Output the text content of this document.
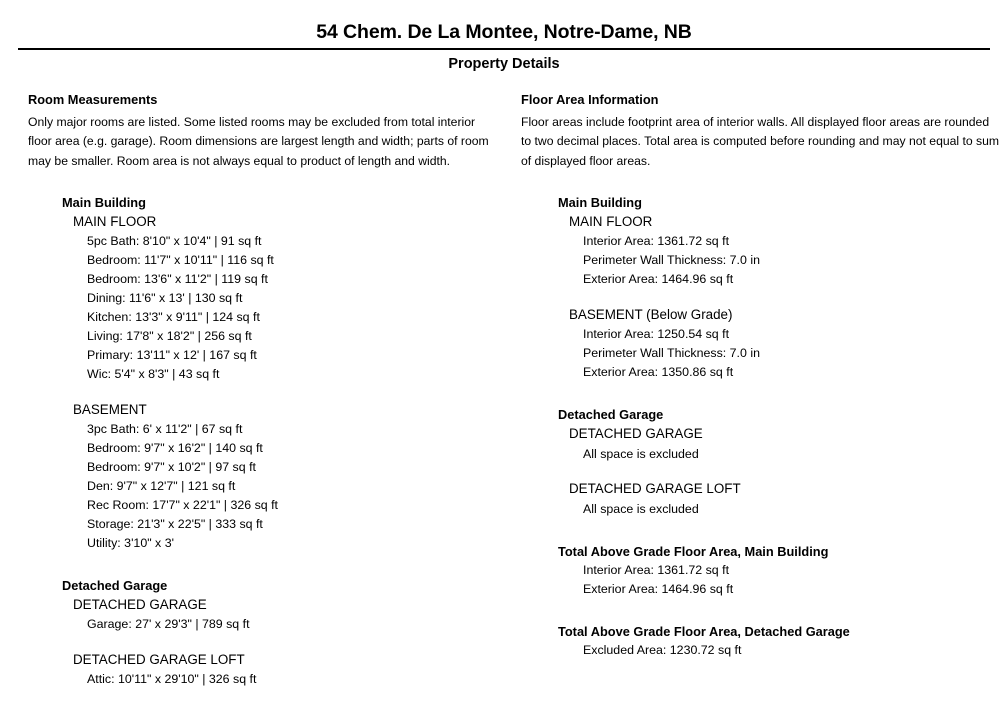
54 Chem. De La Montee, Notre-Dame, NB
Property Details
Room Measurements
Only major rooms are listed. Some listed rooms may be excluded from total interior floor area (e.g. garage). Room dimensions are largest length and width; parts of room may be smaller. Room area is not always equal to product of length and width.
Floor Area Information
Floor areas include footprint area of interior walls. All displayed floor areas are rounded to two decimal places. Total area is computed before rounding and may not equal to sum of displayed floor areas.
Main Building
MAIN FLOOR
5pc Bath: 8'10" x 10'4" | 91 sq ft
Bedroom: 11'7" x 10'11" | 116 sq ft
Bedroom: 13'6" x 11'2" | 119 sq ft
Dining: 11'6" x 13' | 130 sq ft
Kitchen: 13'3" x 9'11" | 124 sq ft
Living: 17'8" x 18'2" | 256 sq ft
Primary: 13'11" x 12' | 167 sq ft
Wic: 5'4" x 8'3" | 43 sq ft
BASEMENT
3pc Bath: 6' x 11'2" | 67 sq ft
Bedroom: 9'7" x 16'2" | 140 sq ft
Bedroom: 9'7" x 10'2" | 97 sq ft
Den: 9'7" x 12'7" | 121 sq ft
Rec Room: 17'7" x 22'1" | 326 sq ft
Storage: 21'3" x 22'5" | 333 sq ft
Utility: 3'10" x 3'
Detached Garage
DETACHED GARAGE
Garage: 27' x 29'3" | 789 sq ft
DETACHED GARAGE LOFT
Attic: 10'11" x 29'10" | 326 sq ft
Main Building
MAIN FLOOR
Interior Area: 1361.72 sq ft
Perimeter Wall Thickness: 7.0 in
Exterior Area: 1464.96 sq ft
BASEMENT (Below Grade)
Interior Area: 1250.54 sq ft
Perimeter Wall Thickness: 7.0 in
Exterior Area: 1350.86 sq ft
Detached Garage
DETACHED GARAGE
All space is excluded
DETACHED GARAGE LOFT
All space is excluded
Total Above Grade Floor Area, Main Building
Interior Area: 1361.72 sq ft
Exterior Area: 1464.96 sq ft
Total Above Grade Floor Area, Detached Garage
Excluded Area: 1230.72 sq ft
